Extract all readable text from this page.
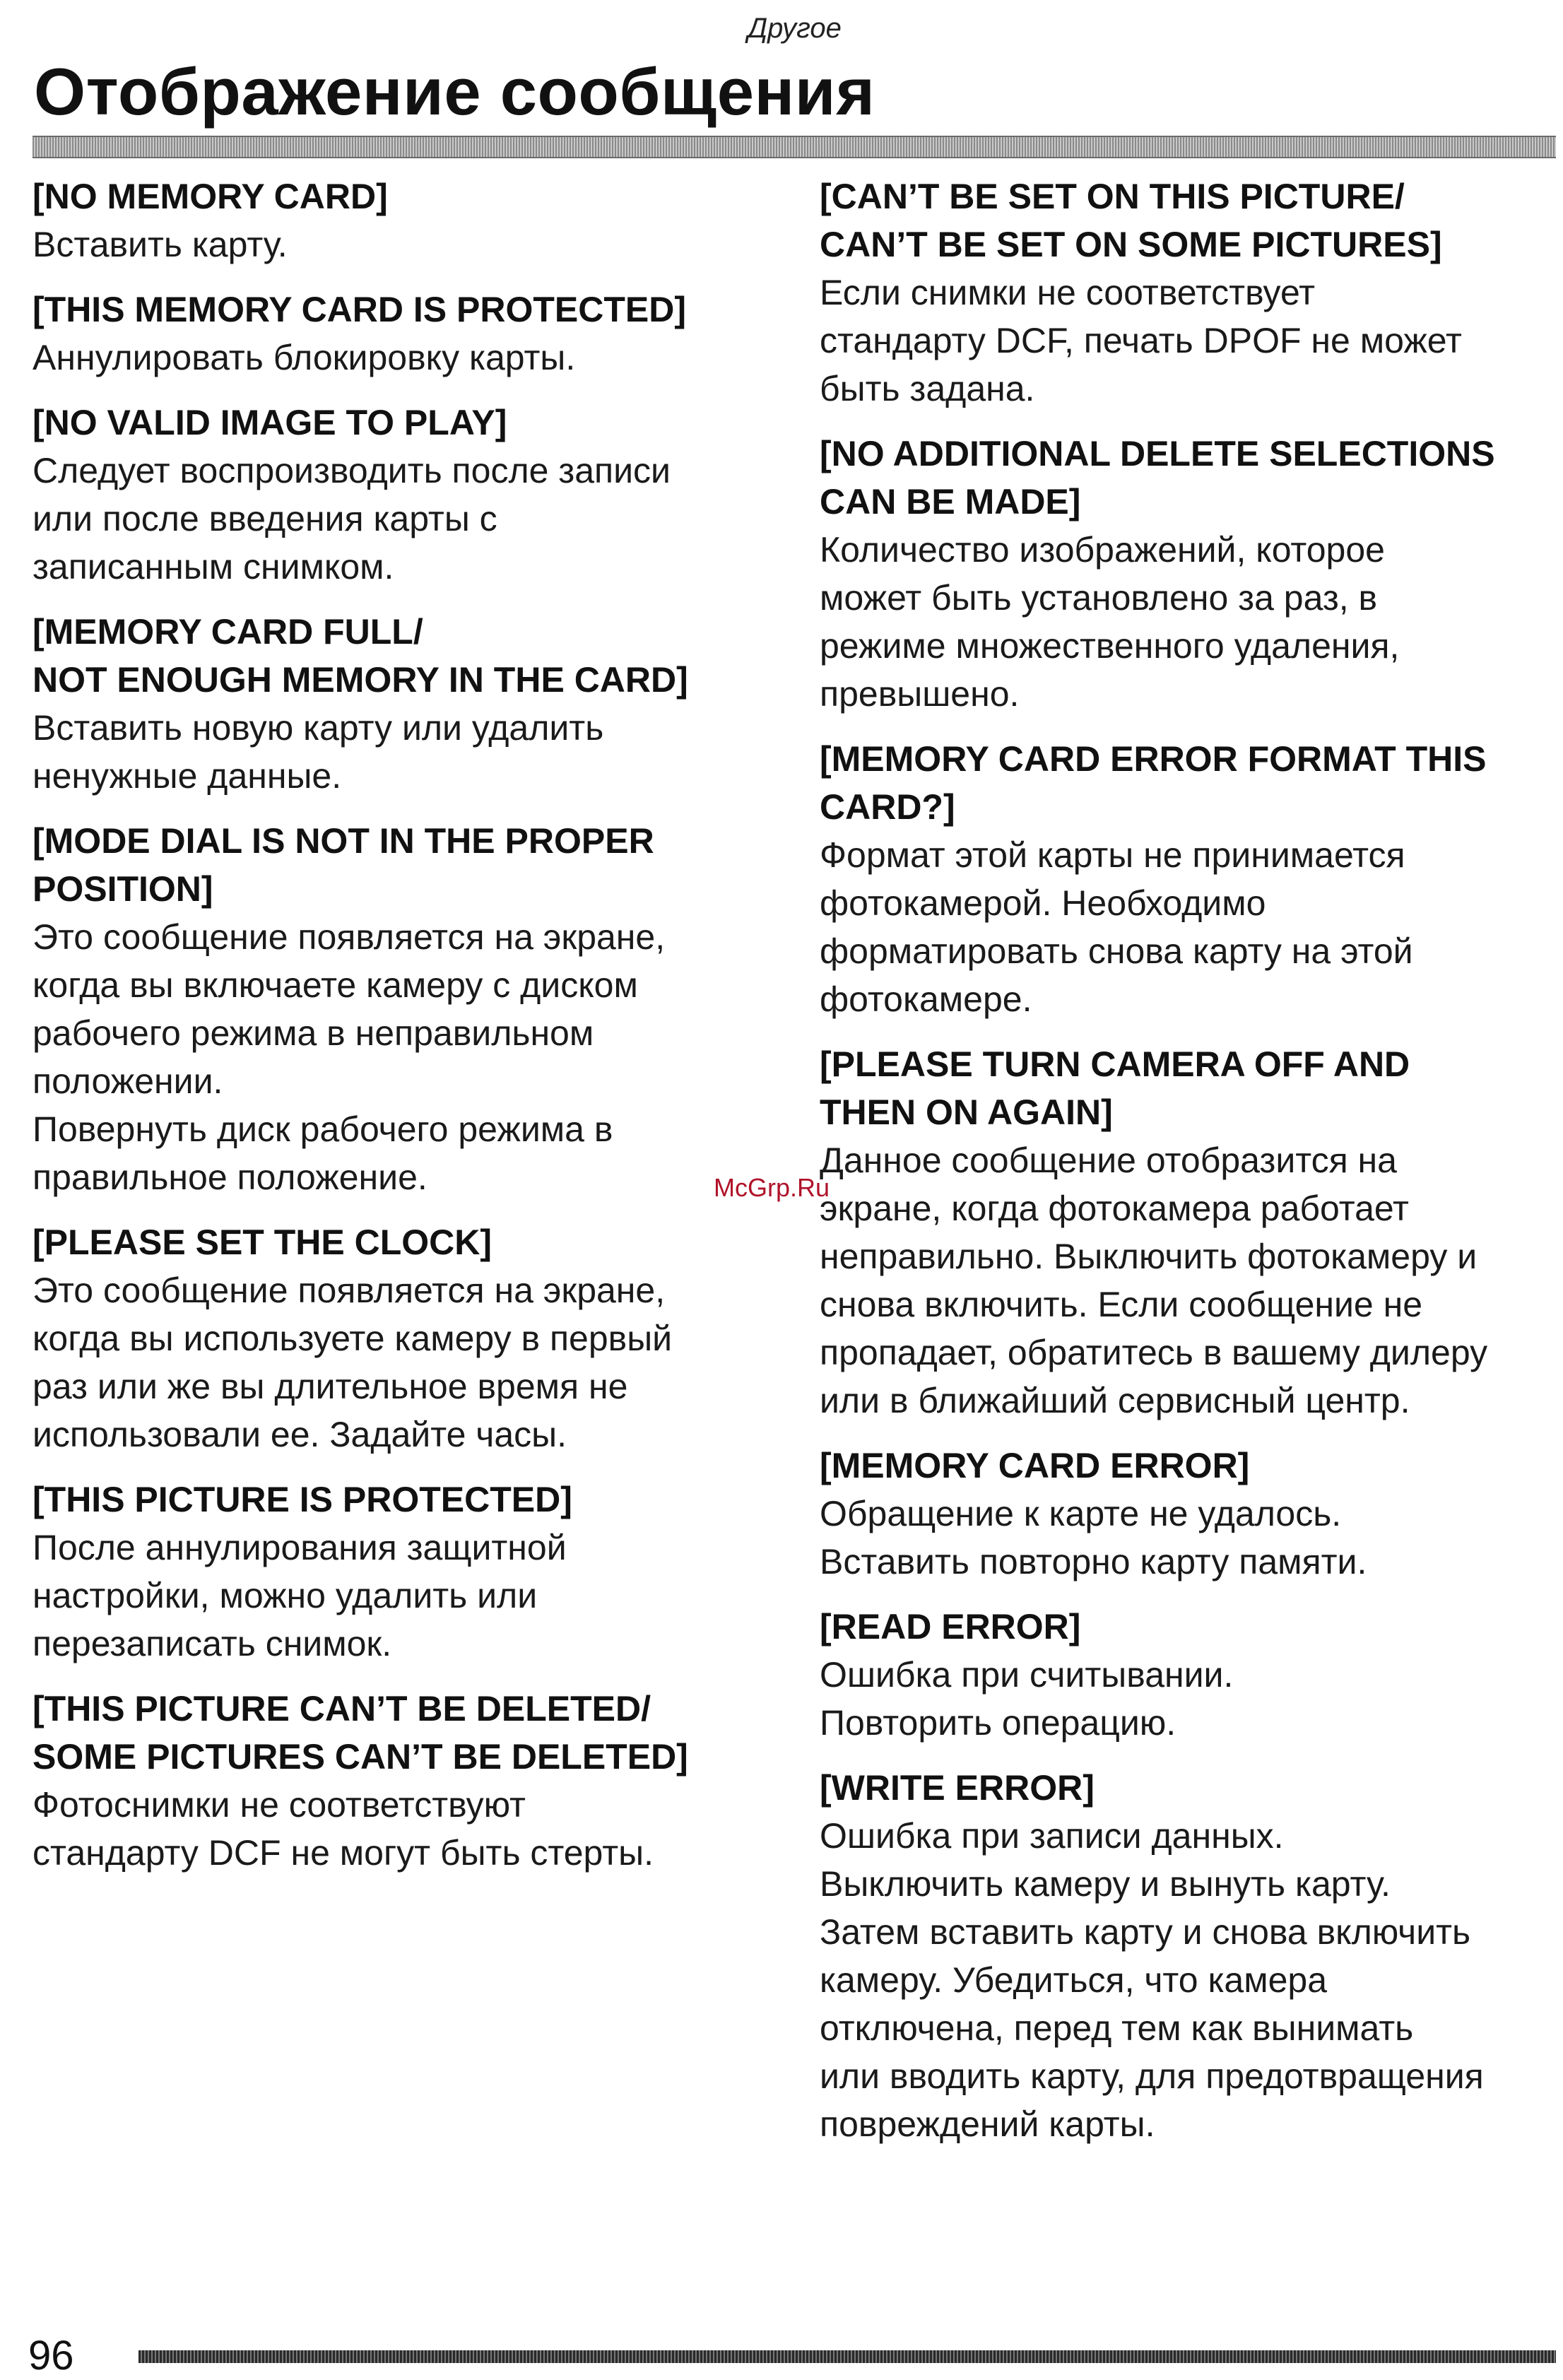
Другое
Отображение сообщения
[NO MEMORY CARD]
Вставить карту.
[THIS MEMORY CARD IS PROTECTED]
Аннулировать блокировку карты.
[NO VALID IMAGE TO PLAY]
Следует воспроизводить после записи
или после введения карты с
записанным снимком.
[MEMORY CARD FULL/
NOT ENOUGH MEMORY IN THE CARD]
Вставить новую карту или удалить
ненужные данные.
[MODE DIAL IS NOT IN THE PROPER
POSITION]
Это сообщение появляется на экране,
когда вы включаете камеру с диском
рабочего режима в неправильном
положении.
Повернуть диск рабочего режима в
правильное положение.
[PLEASE SET THE CLOCK]
Это сообщение появляется на экране,
когда вы используете камеру в первый
раз или же вы длительное время не
использовали ее. Задайте часы.
[THIS PICTURE IS PROTECTED]
После аннулирования защитной
настройки, можно удалить или
перезаписать снимок.
[THIS PICTURE CAN’T BE DELETED/
SOME PICTURES CAN’T BE DELETED]
Фотоснимки не соответствуют
стандарту DCF не могут быть стерты.
[CAN’T BE SET ON THIS PICTURE/
CAN’T BE SET ON SOME PICTURES]
Если снимки не соответствует
стандарту DCF, печать DPOF не может
быть задана.
[NO ADDITIONAL DELETE SELECTIONS
CAN BE MADE]
Количество изображений, которое
может быть установлено за раз, в
режиме множественного удаления,
превышено.
[MEMORY CARD ERROR FORMAT THIS
CARD?]
Формат этой карты не принимается
фотокамерой. Необходимо
форматировать снова карту на этой
фотокамере.
[PLEASE TURN CAMERA OFF AND
THEN ON AGAIN]
Данное сообщение отобразится на
экране, когда фотокамера работает
неправильно. Выключить фотокамеру и
снова включить. Если сообщение не
пропадает, обратитесь в вашему дилеру
или в ближайший сервисный центр.
[MEMORY CARD ERROR]
Обращение к карте не удалось.
Вставить повторно карту памяти.
[READ ERROR]
Ошибка при считывании.
Повторить операцию.
[WRITE ERROR]
Ошибка при записи данных.
Выключить камеру и вынуть карту.
Затем вставить карту и снова включить
камеру. Убедиться, что камера
отключена, перед тем как вынимать
или вводить карту, для предотвращения
повреждений карты.
McGrp.Ru
96
